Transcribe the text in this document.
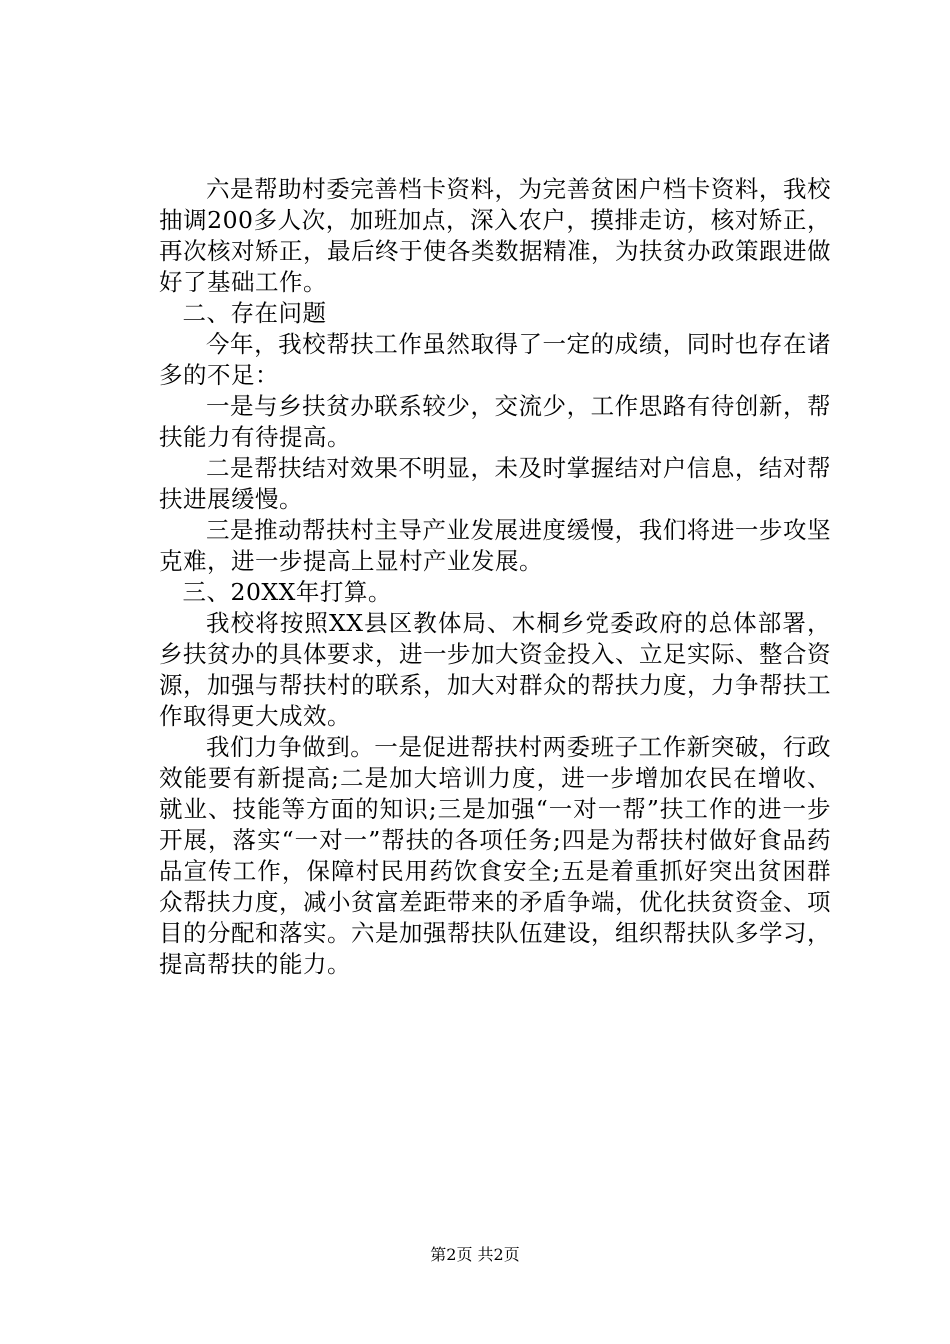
六是帮助村委完善档卡资料，为完善贫困户档卡资料，我校抽调200多人次，加班加点，深入农户，摸排走访，核对矫正，再次核对矫正，最后终于使各类数据精准，为扶贫办政策跟进做好了基础工作。

二、存在问题

今年，我校帮扶工作虽然取得了一定的成绩，同时也存在诸多的不足：

一是与乡扶贫办联系较少，交流少，工作思路有待创新，帮扶能力有待提高。

二是帮扶结对效果不明显，未及时掌握结对户信息，结对帮扶进展缓慢。

三是推动帮扶村主导产业发展进度缓慢，我们将进一步攻坚克难，进一步提高上显村产业发展。

三、20XX年打算。

我校将按照XX县区教体局、木桐乡党委政府的总体部署，乡扶贫办的具体要求，进一步加大资金投入、立足实际、整合资源，加强与帮扶村的联系，加大对群众的帮扶力度，力争帮扶工作取得更大成效。

我们力争做到。一是促进帮扶村两委班子工作新突破，行政效能要有新提高;二是加大培训力度，进一步增加农民在增收、就业、技能等方面的知识;三是加强“一对一帮”扶工作的进一步开展，落实“一对一”帮扶的各项任务;四是为帮扶村做好食品药品宣传工作，保障村民用药饮食安全;五是着重抓好突出贫困群众帮扶力度，减小贫富差距带来的矛盾争端，优化扶贫资金、项目的分配和落实。六是加强帮扶队伍建设，组织帮扶队多学习，提高帮扶的能力。

第2页 共2页
